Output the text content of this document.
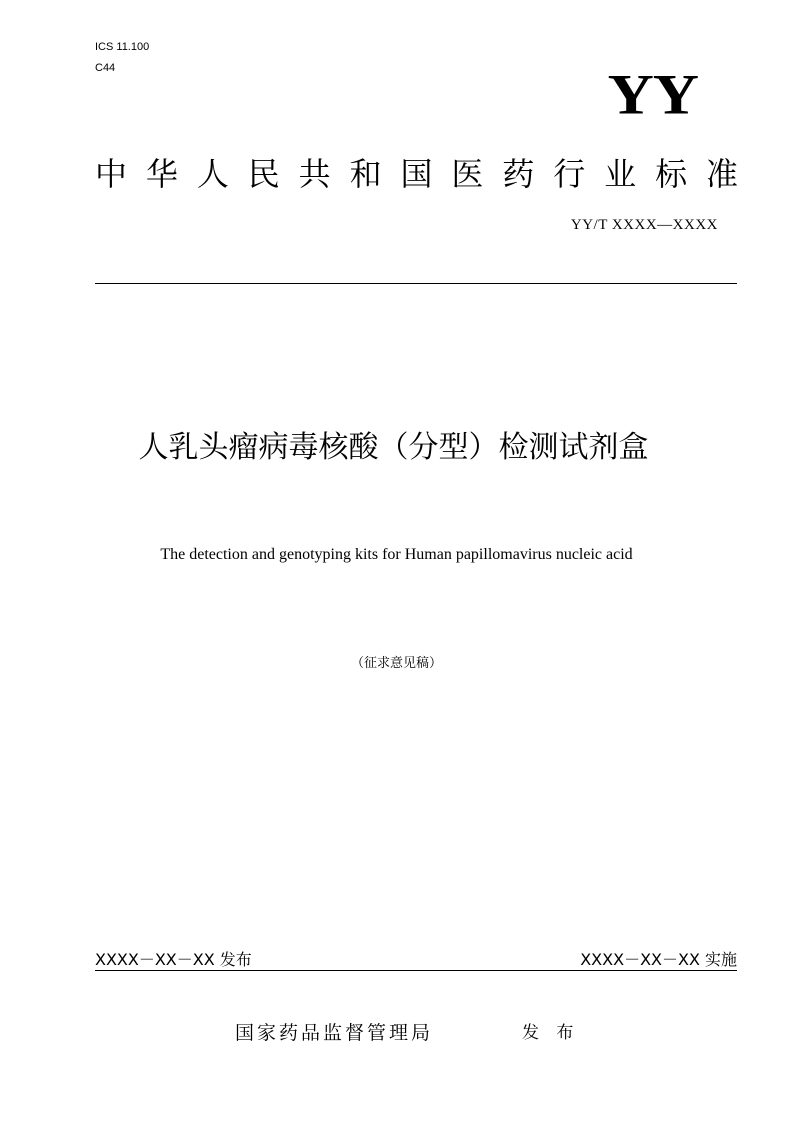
ICS 11.100
C44	YY
中华人民共和国医药行业标准
YY/T XXXX—XXXX
人乳头瘤病毒核酸（分型）检测试剂盒
The detection and genotyping kits for Human papillomavirus nucleic acid
（征求意见稿）
XXXX－XX－XX 发布	XXXX－XX－XX 实施
国家药品监督管理局	发 布
